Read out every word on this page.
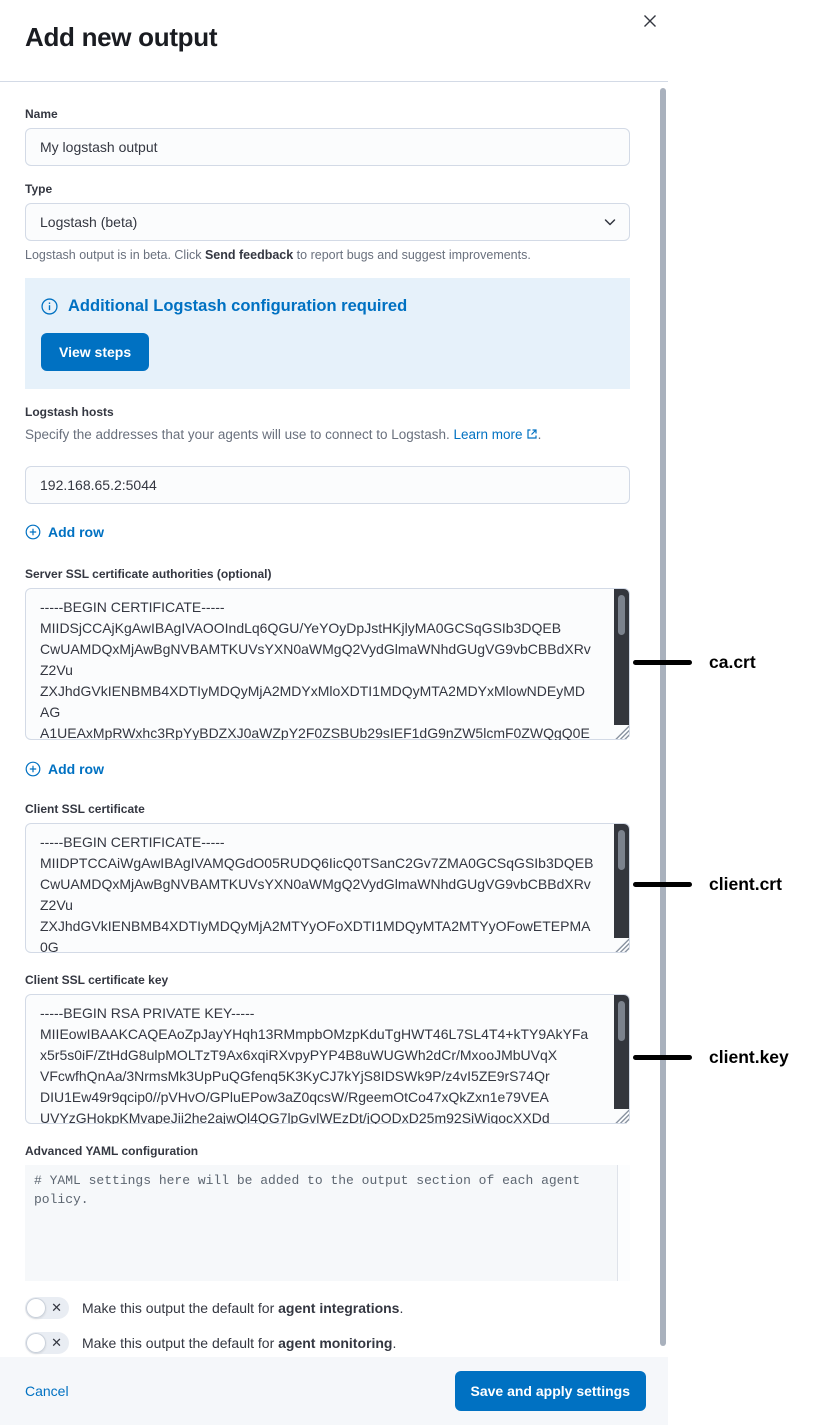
Add new output
Name
My logstash output
Type
Logstash (beta)
Logstash output is in beta. Click Send feedback to report bugs and suggest improvements.
Additional Logstash configuration required
View steps
Logstash hosts
Specify the addresses that your agents will use to connect to Logstash. Learn more .
192.168.65.2:5044
Add row
Server SSL certificate authorities (optional)
-----BEGIN CERTIFICATE----- MIIDSjCCAjKgAwIBAgIVAOOIndLq6QGU/YeYOyDpJstHKjlyMA0GCSqGSIb3DQEB CwUAMDQxMjAwBgNVBAMTKUVsYXN0aWMgQ2VydGlmaWNhdGUgVG9vbCBBdXRv Z2Vu ZXJhdGVkIENBMB4XDTIyMDQyMjA2MDYxMloXDTI1MDQyMTA2MDYxMlowNDEyMD AG A1UEAxMpRWxhc3RpYyBDZXJ0aWZpY2F0ZSBUb29sIEF1dG9nZW5lcmF0ZWQgQ0E
Add row
Client SSL certificate
-----BEGIN CERTIFICATE----- MIIDPTCCAiWgAwIBAgIVAMQGdO05RUDQ6IicQ0TSanC2Gv7ZMA0GCSqGSIb3DQEB CwUAMDQxMjAwBgNVBAMTKUVsYXN0aWMgQ2VydGlmaWNhdGUgVG9vbCBBdXRv Z2Vu ZXJhdGVkIENBMB4XDTIyMDQyMjA2MTYyOFoXDTI1MDQyMTA2MTYyOFowETEPMA 0G
Client SSL certificate key
-----BEGIN RSA PRIVATE KEY----- MIIEowIBAAKCAQEAoZpJayYHqh13RMmpbOMzpKduTgHWT46L7SL4T4+kTY9AkYFa x5r5s0iF/ZtHdG8ulpMOLTzT9Ax6xqiRXvpyPYP4B8uWUGWh2dCr/MxooJMbUVqX VFcwfhQnAa/3NrmsMk3UpPuQGfenq5K3KyCJ7kYjS8IDSWk9P/z4vI5ZE9rS74Qr DIU1Ew49r9qcip0//pVHvO/GPluEPow3aZ0qcsW/RgeemOtCo47xQkZxn1e79VEA UVYzGHokpKMvapeJii2he2ajwQl4QG7lpGvlWEzDt/jQODxD25m92SiWigocXXDd
Advanced YAML configuration
# YAML settings here will be added to the output section of each agent policy.
✕ Make this output the default for agent integrations.
✕ Make this output the default for agent monitoring.
Cancel	Save and apply settings
ca.crt
client.crt
client.key
